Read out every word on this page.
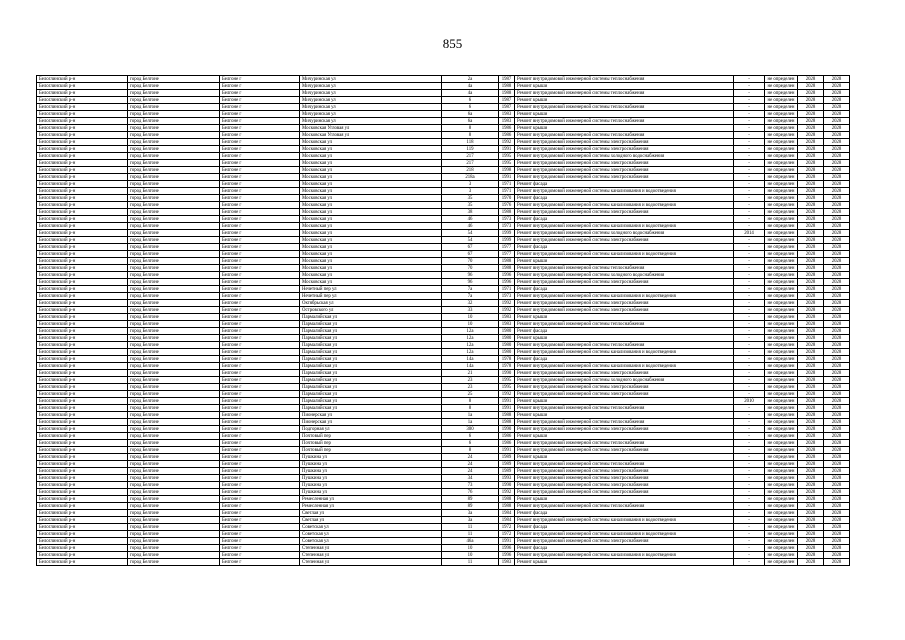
855
Белоглинский р-н	город Белгоне	Белгоне г	Мичуринская ул	2а	1987	Ремонт внутридомовой инженерной системы теплоснабжения	-	не определен	2028	2028
Белоглинский р-н	город Белгоне	Белгоне г	Мичуринская ул	4а	1988	Ремонт крыши	-	не определен	2028	2028
Белоглинский р-н	город Белгоне	Белгоне г	Мичуринская ул	4а	1988	Ремонт внутридомовой инженерной системы теплоснабжения	-	не определен	2028	2028
Белоглинский р-н	город Белгоне	Белгоне г	Мичуринская ул	6	1987	Ремонт крыши	-	не определен	2028	2028
Белоглинский р-н	город Белгоне	Белгоне г	Мичуринская ул	6	1987	Ремонт внутридомовой инженерной системы теплоснабжения	-	не определен	2028	2028
Белоглинский р-н	город Белгоне	Белгоне г	Мичуринская ул	6а	1983	Ремонт крыши	-	не определен	2028	2028
Белоглинский р-н	город Белгоне	Белгоне г	Мичуринская ул	6а	1983	Ремонт внутридомовой инженерной системы теплоснабжения	-	не определен	2028	2028
Белоглинский р-н	город Белгоне	Белгоне г	Московская Угловая ул	8	1986	Ремонт крыши	-	не определен	2028	2028
Белоглинский р-н	город Белгоне	Белгоне г	Московская Угловая ул	8	1986	Ремонт внутридомовой инженерной системы теплоснабжения	-	не определен	2028	2028
Белоглинский р-н	город Белгоне	Белгоне г	Московская ул	118	1992	Ремонт внутридомовой инженерной системы электроснабжения	-	не определен	2028	2028
Белоглинский р-н	город Белгоне	Белгоне г	Московская ул	119	1991	Ремонт внутридомовой инженерной системы электроснабжения	-	не определен	2028	2028
Белоглинский р-н	город Белгоне	Белгоне г	Московская ул	217	1995	Ремонт внутридомовой инженерной системы холодного водоснабжения	-	не определен	2028	2028
Белоглинский р-н	город Белгоне	Белгоне г	Московская ул	217	1995	Ремонт внутридомовой инженерной системы электроснабжения	-	не определен	2028	2028
Белоглинский р-н	город Белгоне	Белгоне г	Московская ул	218	1998	Ремонт внутридомовой инженерной системы электроснабжения	-	не определен	2028	2028
Белоглинский р-н	город Белгоне	Белгоне г	Московская ул	218а	1991	Ремонт внутридомовой инженерной системы электроснабжения	-	не определен	2028	2028
Белоглинский р-н	город Белгоне	Белгоне г	Московская ул	3	1971	Ремонт фасада	-	не определен	2028	2028
Белоглинский р-н	город Белгоне	Белгоне г	Московская ул	3	1971	Ремонт внутридомовой инженерной системы канализования и водоотведения	-	не определен	2028	2028
Белоглинский р-н	город Белгоне	Белгоне г	Московская ул	35	1970	Ремонт фасада	-	не определен	2028	2028
Белоглинский р-н	город Белгоне	Белгоне г	Московская ул	35	1976	Ремонт внутридомовой инженерной системы канализования и водоотведения	-	не определен	2028	2028
Белоглинский р-н	город Белгоне	Белгоне г	Московская ул	38	1988	Ремонт внутридомовой инженерной системы электроснабжения	-	не определен	2028	2028
Белоглинский р-н	город Белгоне	Белгоне г	Московская ул	46	1973	Ремонт фасада	-	не определен	2028	2028
Белоглинский р-н	город Белгоне	Белгоне г	Московская ул	46	1973	Ремонт внутридомовой инженерной системы канализования и водоотведения	-	не определен	2028	2028
Белоглинский р-н	город Белгоне	Белгоне г	Московская ул	54	1999	Ремонт внутридомовой инженерной системы холодного водоснабжения	2014	не определен	2028	2028
Белоглинский р-н	город Белгоне	Белгоне г	Московская ул	54	1999	Ремонт внутридомовой инженерной системы электроснабжения	-	не определен	2028	2028
Белоглинский р-н	город Белгоне	Белгоне г	Московская ул	67	1977	Ремонт фасада	-	не определен	2028	2028
Белоглинский р-н	город Белгоне	Белгоне г	Московская ул	67	1977	Ремонт внутридомовой инженерной системы канализования и водоотведения	-	не определен	2028	2028
Белоглинский р-н	город Белгоне	Белгоне г	Московская ул	70	1988	Ремонт крыши	-	не определен	2028	2028
Белоглинский р-н	город Белгоне	Белгоне г	Московская ул	70	1988	Ремонт внутридомовой инженерной системы теплоснабжения	-	не определен	2028	2028
Белоглинский р-н	город Белгоне	Белгоне г	Московская ул	96	1996	Ремонт внутридомовой инженерной системы холодного водоснабжения	-	не определен	2028	2028
Белоглинский р-н	город Белгоне	Белгоне г	Московская ул	96	1996	Ремонт внутридомовой инженерной системы электроснабжения	-	не определен	2028	2028
Белоглинский р-н	город Белгоне	Белгоне г	Нечетный пер ул	7а	1971	Ремонт фасада	-	не определен	2028	2028
Белоглинский р-н	город Белгоне	Белгоне г	Нечетный пер ул	7а	1973	Ремонт внутридомовой инженерной системы канализования и водоотведения	-	не определен	2028	2028
Белоглинский р-н	город Белгоне	Белгоне г	Октябрьская ул	32	1992	Ремонт внутридомовой инженерной системы электроснабжения	-	не определен	2028	2028
Белоглинский р-н	город Белгоне	Белгоне г	Островского ул	33	1992	Ремонт внутридомовой инженерной системы электроснабжения	-	не определен	2028	2028
Белоглинский р-н	город Белгоне	Белгоне г	Пармалийская ул	10	1983	Ремонт крыши	-	не определен	2028	2028
Белоглинский р-н	город Белгоне	Белгоне г	Пармалийская ул	10	1983	Ремонт внутридомовой инженерной системы теплоснабжения	-	не определен	2028	2028
Белоглинский р-н	город Белгоне	Белгоне г	Пармалийская ул	12а	1980	Ремонт фасада	-	не определен	2028	2028
Белоглинский р-н	город Белгоне	Белгоне г	Пармалийская ул	12а	1980	Ремонт крыши	-	не определен	2028	2028
Белоглинский р-н	город Белгоне	Белгоне г	Пармалийская ул	12а	1980	Ремонт внутридомовой инженерной системы теплоснабжения	-	не определен	2028	2028
Белоглинский р-н	город Белгоне	Белгоне г	Пармалийская ул	12а	1980	Ремонт внутридомовой инженерной системы канализования и водоотведения	-	не определен	2028	2028
Белоглинский р-н	город Белгоне	Белгоне г	Пармалийская ул	14а	1978	Ремонт фасада	-	не определен	2028	2028
Белоглинский р-н	город Белгоне	Белгоне г	Пармалийская ул	14а	1978	Ремонт внутридомовой инженерной системы канализования и водоотведения	-	не определен	2028	2028
Белоглинский р-н	город Белгоне	Белгоне г	Пармалийская ул	21	1990	Ремонт внутридомовой инженерной системы электроснабжения	-	не определен	2028	2028
Белоглинский р-н	город Белгоне	Белгоне г	Пармалийская ул	23	1995	Ремонт внутридомовой инженерной системы холодного водоснабжения	-	не определен	2028	2028
Белоглинский р-н	город Белгоне	Белгоне г	Пармалийская ул	23	1995	Ремонт внутридомовой инженерной системы электроснабжения	-	не определен	2028	2028
Белоглинский р-н	город Белгоне	Белгоне г	Пармалийская ул	25	1992	Ремонт внутридомовой инженерной системы электроснабжения	-	не определен	2028	2028
Белоглинский р-н	город Белгоне	Белгоне г	Пармалийская ул	8	1991	Ремонт крыши	2010	не определен	2028	2028
Белоглинский р-н	город Белгоне	Белгоне г	Пармалийская ул	8	1991	Ремонт внутридомовой инженерной системы теплоснабжения	-	не определен	2028	2028
Белоглинский р-н	город Белгоне	Белгоне г	Пионерская ул	1а	1988	Ремонт крыши	-	не определен	2028	2028
Белоглинский р-н	город Белгоне	Белгоне г	Пионерская ул	1а	1988	Ремонт внутридомовой инженерной системы теплоснабжения	-	не определен	2028	2028
Белоглинский р-н	город Белгоне	Белгоне г	Подгорная ул	300	1990	Ремонт внутридомовой инженерной системы электроснабжения	-	не определен	2028	2028
Белоглинский р-н	город Белгоне	Белгоне г	Почтовый пер	6	1986	Ремонт крыши	-	не определен	2028	2028
Белоглинский р-н	город Белгоне	Белгоне г	Почтовый пер	6	1986	Ремонт внутридомовой инженерной системы теплоснабжения	-	не определен	2028	2028
Белоглинский р-н	город Белгоне	Белгоне г	Почтовый пер	8	1991	Ремонт внутридомовой инженерной системы электроснабжения	-	не определен	2028	2028
Белоглинский р-н	город Белгоне	Белгоне г	Пушкина ул	24	1989	Ремонт крыши	-	не определен	2028	2028
Белоглинский р-н	город Белгоне	Белгоне г	Пушкина ул	24	1989	Ремонт внутридомовой инженерной системы теплоснабжения	-	не определен	2028	2028
Белоглинский р-н	город Белгоне	Белгоне г	Пушкина ул	24	1989	Ремонт внутридомовой инженерной системы электроснабжения	-	не определен	2028	2028
Белоглинский р-н	город Белгоне	Белгоне г	Пушкина ул	34	1993	Ремонт внутридомовой инженерной системы электроснабжения	-	не определен	2028	2028
Белоглинский р-н	город Белгоне	Белгоне г	Пушкина ул	73	1990	Ремонт внутридомовой инженерной системы электроснабжения	-	не определен	2028	2028
Белоглинский р-н	город Белгоне	Белгоне г	Пушкина ул	76	1992	Ремонт внутридомовой инженерной системы электроснабжения	-	не определен	2028	2028
Белоглинский р-н	город Белгоне	Белгоне г	Ремесленная ул	89	1988	Ремонт крыши	-	не определен	2028	2028
Белоглинский р-н	город Белгоне	Белгоне г	Ремесленная ул	89	1988	Ремонт внутридомовой инженерной системы теплоснабжения	-	не определен	2028	2028
Белоглинский р-н	город Белгоне	Белгоне г	Светлая ул	3а	1984	Ремонт фасада	-	не определен	2028	2028
Белоглинский р-н	город Белгоне	Белгоне г	Светлая ул	3а	1984	Ремонт внутридомовой инженерной системы канализования и водоотведения	-	не определен	2028	2028
Белоглинский р-н	город Белгоне	Белгоне г	Советская ул	11	1972	Ремонт фасада	-	не определен	2028	2028
Белоглинский р-н	город Белгоне	Белгоне г	Советская ул	11	1972	Ремонт внутридомовой инженерной системы канализования и водоотведения	-	не определен	2028	2028
Белоглинский р-н	город Белгоне	Белгоне г	Советская ул	46а	1991	Ремонт внутридомовой инженерной системы электроснабжения	-	не определен	2028	2028
Белоглинский р-н	город Белгоне	Белгоне г	Степенная ул	10	1996	Ремонт фасада	-	не определен	2028	2028
Белоглинский р-н	город Белгоне	Белгоне г	Степенная ул	10	1996	Ремонт внутридомовой инженерной системы канализования и водоотведения	-	не определен	2028	2028
Белоглинский р-н	город Белгоне	Белгоне г	Степенная ул	11	1983	Ремонт крыши	-	не определен	2028	2028
